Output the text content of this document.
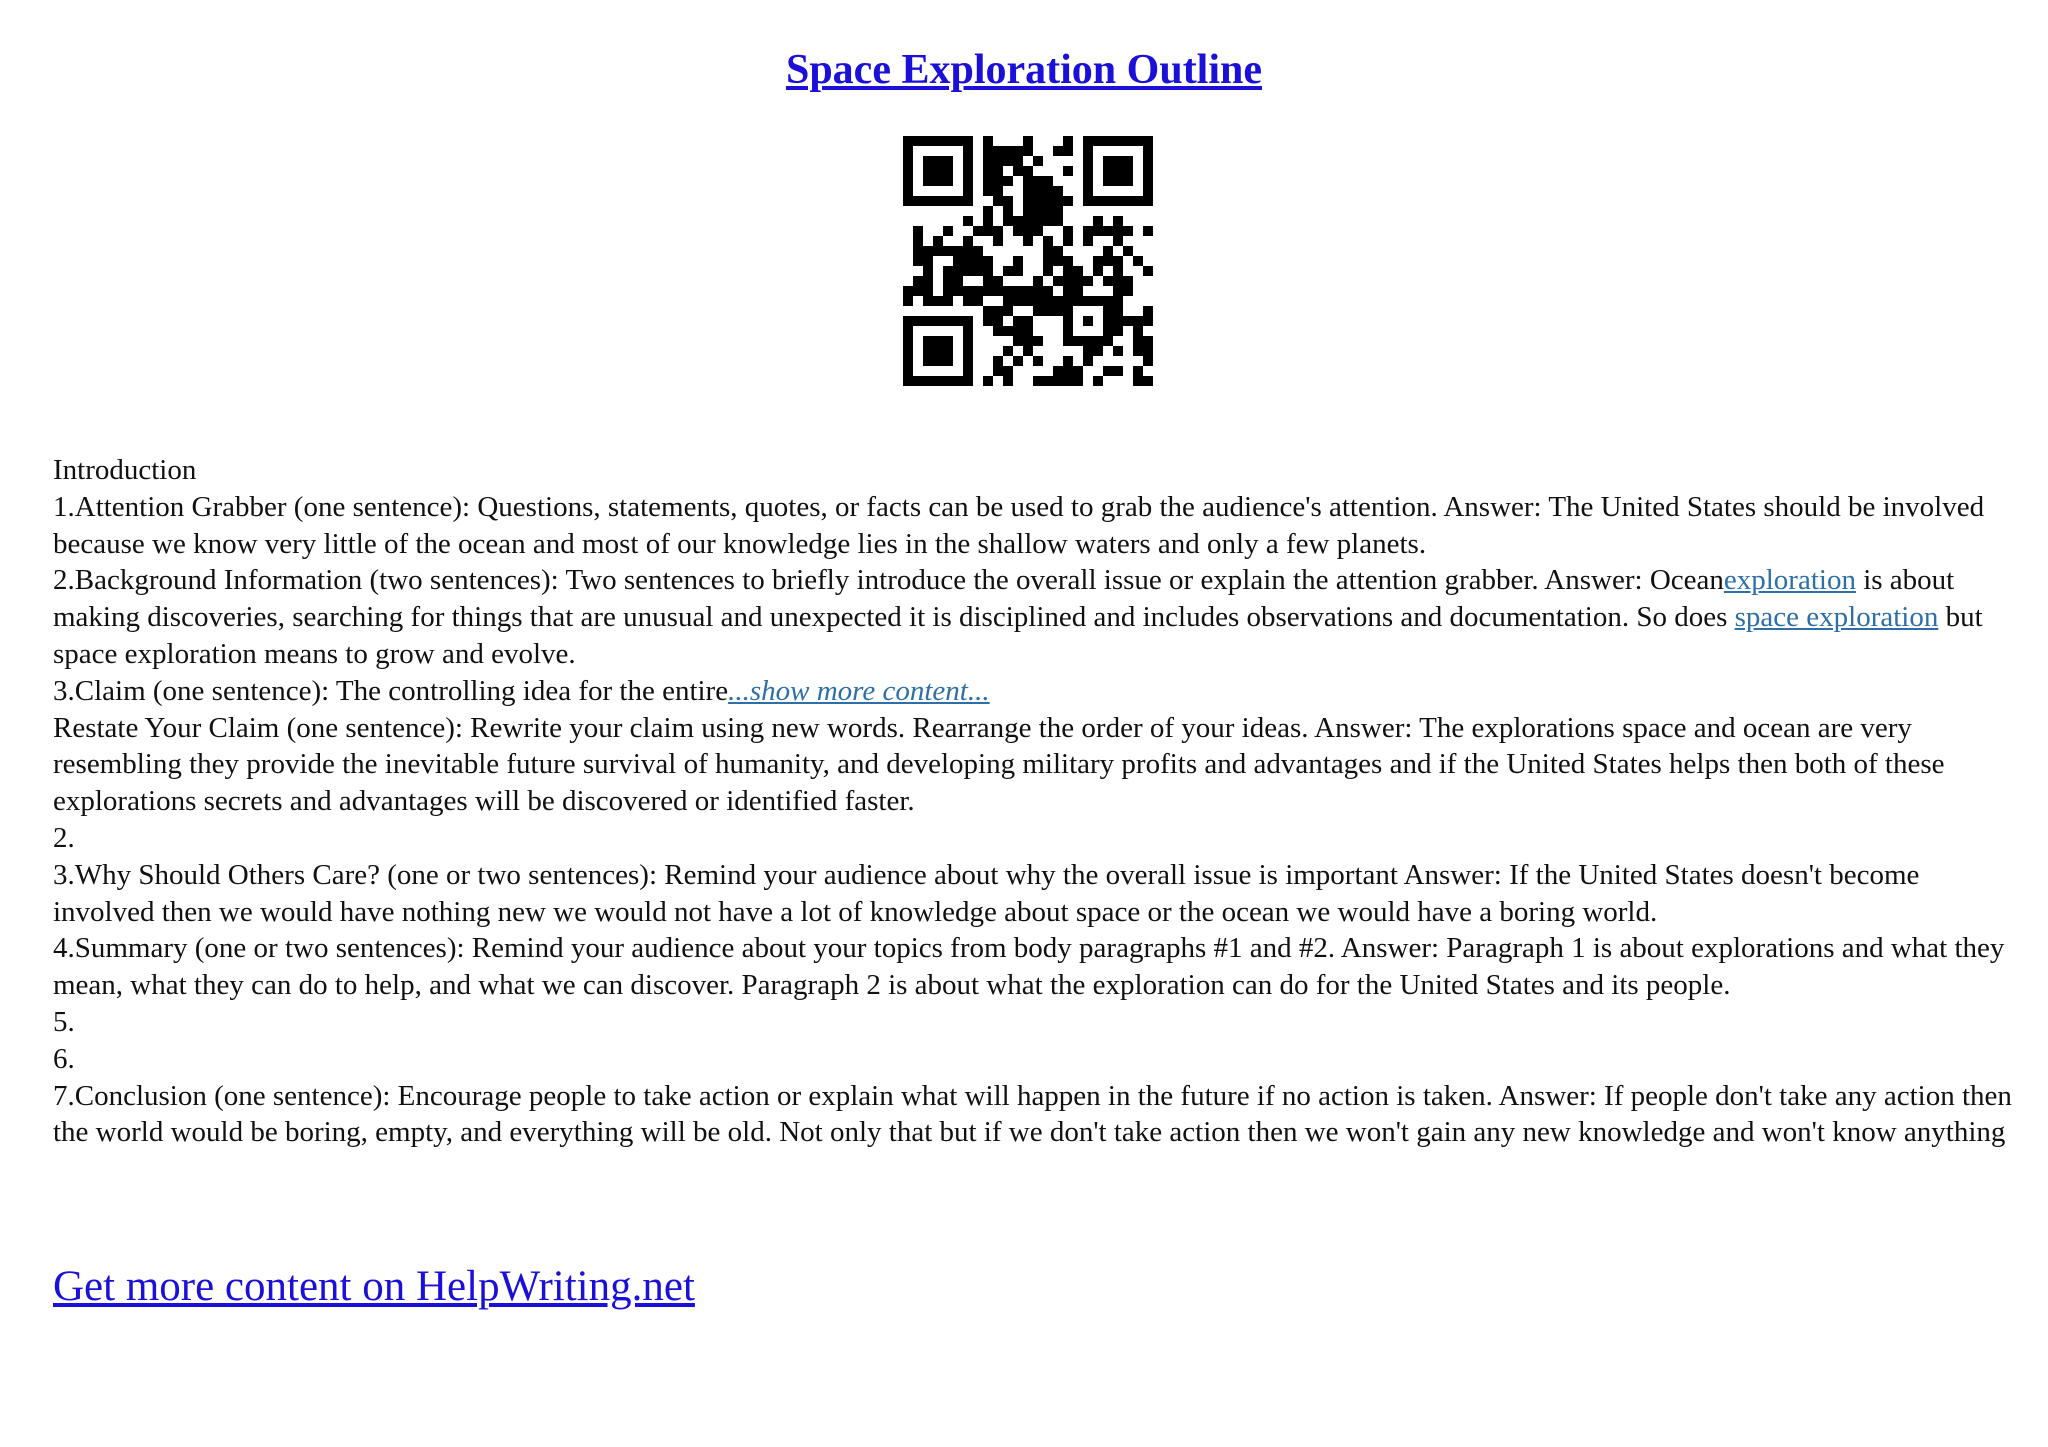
Space Exploration Outline

Introduction

1.Attention Grabber (one sentence): Questions, statements, quotes, or facts can be used to grab the audience's attention. Answer: The United States should be involved because we know very little of the ocean and most of our knowledge lies in the shallow waters and only a few planets.

2.Background Information (two sentences): Two sentences to briefly introduce the overall issue or explain the attention grabber. Answer: Oceanexploration is about making discoveries, searching for things that are unusual and unexpected it is disciplined and includes observations and documentation. So does space exploration but space exploration means to grow and evolve.

3.Claim (one sentence): The controlling idea for the entire...show more content...

Restate Your Claim (one sentence): Rewrite your claim using new words. Rearrange the order of your ideas. Answer: The explorations space and ocean are very resembling they provide the inevitable future survival of humanity, and developing military profits and advantages and if the United States helps then both of these explorations secrets and advantages will be discovered or identified faster.

2.

3.Why Should Others Care? (one or two sentences): Remind your audience about why the overall issue is important Answer: If the United States doesn't become involved then we would have nothing new we would not have a lot of knowledge about space or the ocean we would have a boring world.

4.Summary (one or two sentences): Remind your audience about your topics from body paragraphs #1 and #2. Answer: Paragraph 1 is about explorations and what they mean, what they can do to help, and what we can discover. Paragraph 2 is about what the exploration can do for the United States and its people.

5.

6.

7.Conclusion (one sentence): Encourage people to take action or explain what will happen in the future if no action is taken. Answer: If people don't take any action then the world would be boring, empty, and everything will be old. Not only that but if we don't take action then we won't gain any new knowledge and won't know anything

Get more content on HelpWriting.net
